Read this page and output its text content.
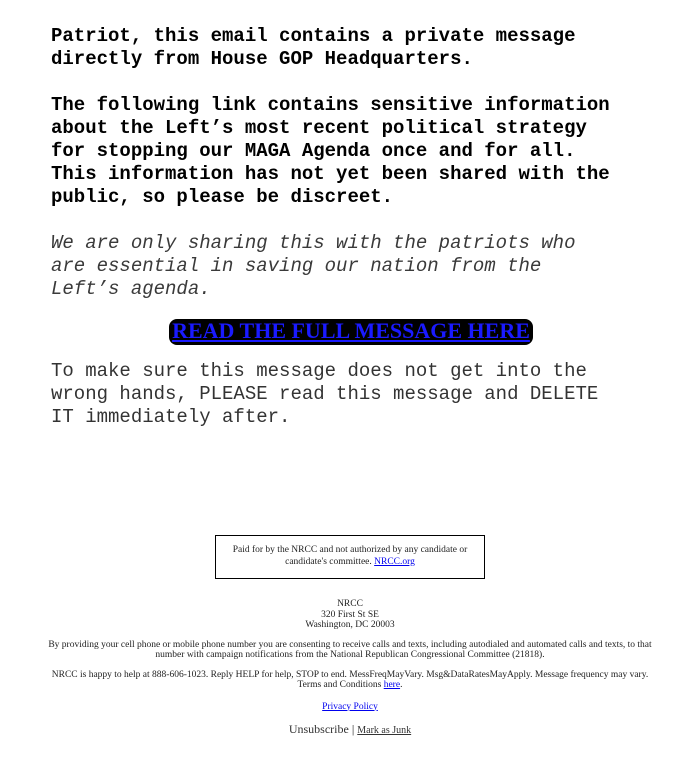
Patriot, this email contains a private message
directly from House GOP Headquarters.

The following link contains sensitive information
about the Left’s most recent political strategy
for stopping our MAGA Agenda once and for all.
This information has not yet been shared with the
public, so please be discreet.

We are only sharing this with the patriots who
are essential in saving our nation from the
Left’s agenda.

READ THE FULL MESSAGE HERE

To make sure this message does not get into the
wrong hands, PLEASE read this message and DELETE
IT immediately after.

Paid for by the NRCC and not authorized by any candidate or candidate's committee. NRCC.org
NRCC
320 First St SE
Washington, DC 20003
By providing your cell phone or mobile phone number you are consenting to receive calls and texts, including autodialed and automated calls and texts, to that number with campaign notifications from the National Republican Congressional Committee (21818).
NRCC is happy to help at 888-606-1023. Reply HELP for help, STOP to end. MessFreqMayVary. Msg&DataRatesMayApply. Message frequency may vary. Terms and Conditions here.
Privacy Policy
Unsubscribe | Mark as Junk
